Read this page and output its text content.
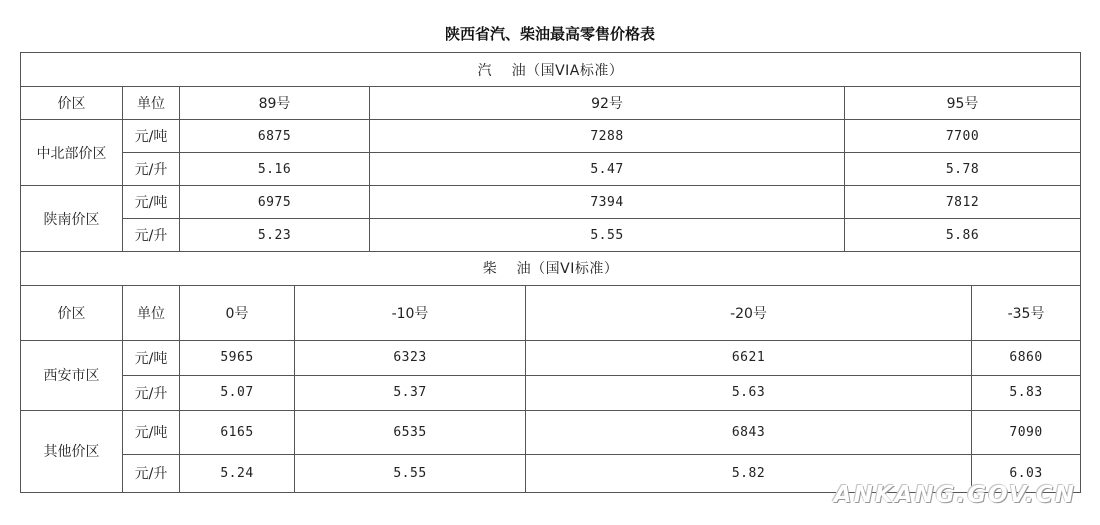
陕西省汽、柴油最高零售价格表
汽　 油（国VIA标准）				
价区	单位	89号	92号	95号
中北部价区	元/吨	6875	7288	7700
	元/升	5.16	5.47	5.78
陕南价区	元/吨	6975	7394	7812
	元/升	5.23	5.55	5.86
柴　 油（国VI标准）					
价区	单位	0号	-10号	-20号	-35号
西安市区	元/吨	5965	6323	6621	6860
	元/升	5.07	5.37	5.63	5.83
其他价区	元/吨	6165	6535	6843	7090
	元/升	5.24	5.55	5.82	6.03
ANKANG.GOV.CN
